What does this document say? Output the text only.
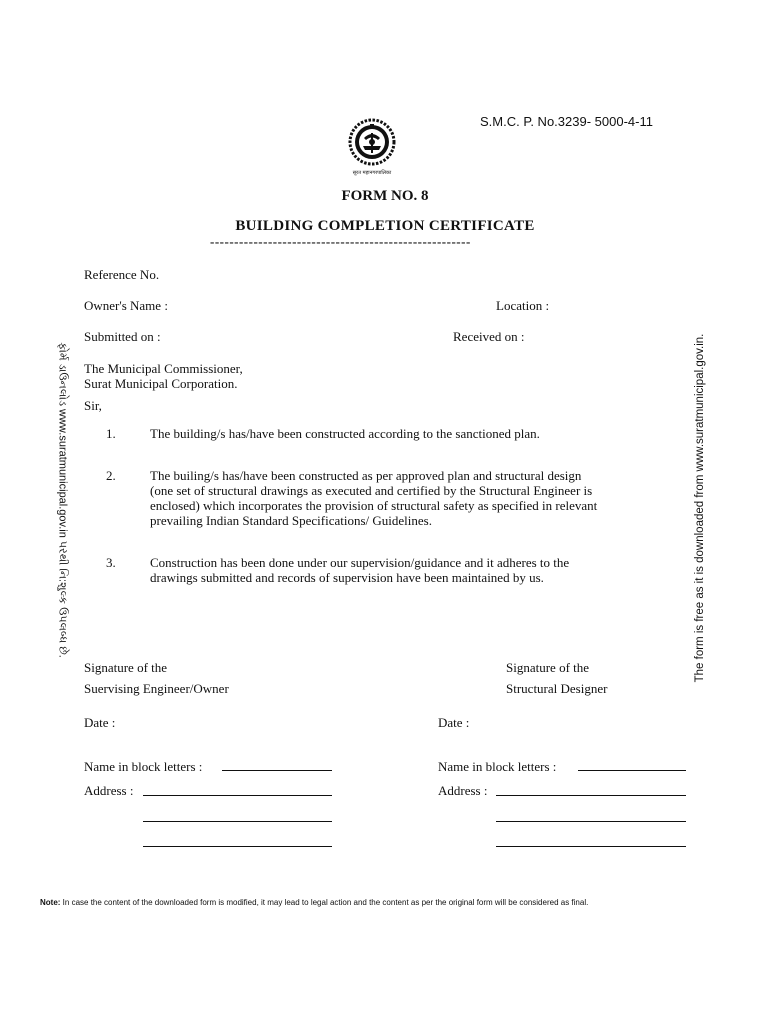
S.M.C. P. No.3239- 5000-4-11
सूरत महानगरपालिका
FORM NO. 8
BUILDING COMPLETION CERTIFICATE
------------------------------------------------------
Reference No.
Owner's Name :	Location :
Submitted on :	Received on :
The Municipal Commissioner,
Surat Municipal Corporation.
Sir,
1.	The building/s has/have been constructed according to the sanctioned plan.
2.	The builing/s has/have been constructed as per approved plan and structural design
(one set of structural drawings as executed and certified by the Structural Engineer is
enclosed) which incorporates the provision of structural safety as specified in relevant
prevailing Indian Standard Specifications/ Guidelines.
3.	Construction has been done under our supervision/guidance and it adheres to the
drawings submitted and records of supervision have been maintained by us.
Signature of the
Suervising Engineer/Owner
Signature of the
Structural Designer
Date :	Date :
Name in block letters :	Name in block letters :
Address :	Address :
ફોર્મ ડાઉનલોડ www.suratmunicipal.gov.in પરથી નિ:શુલ્ક ઉપલબ્ધ છે.	The form is free as it is downloaded from www.suratmunicipal.gov.in.
Note: In case the content of the downloaded form is modified, it may lead to legal action and the content as per the original form will be considered as final.
